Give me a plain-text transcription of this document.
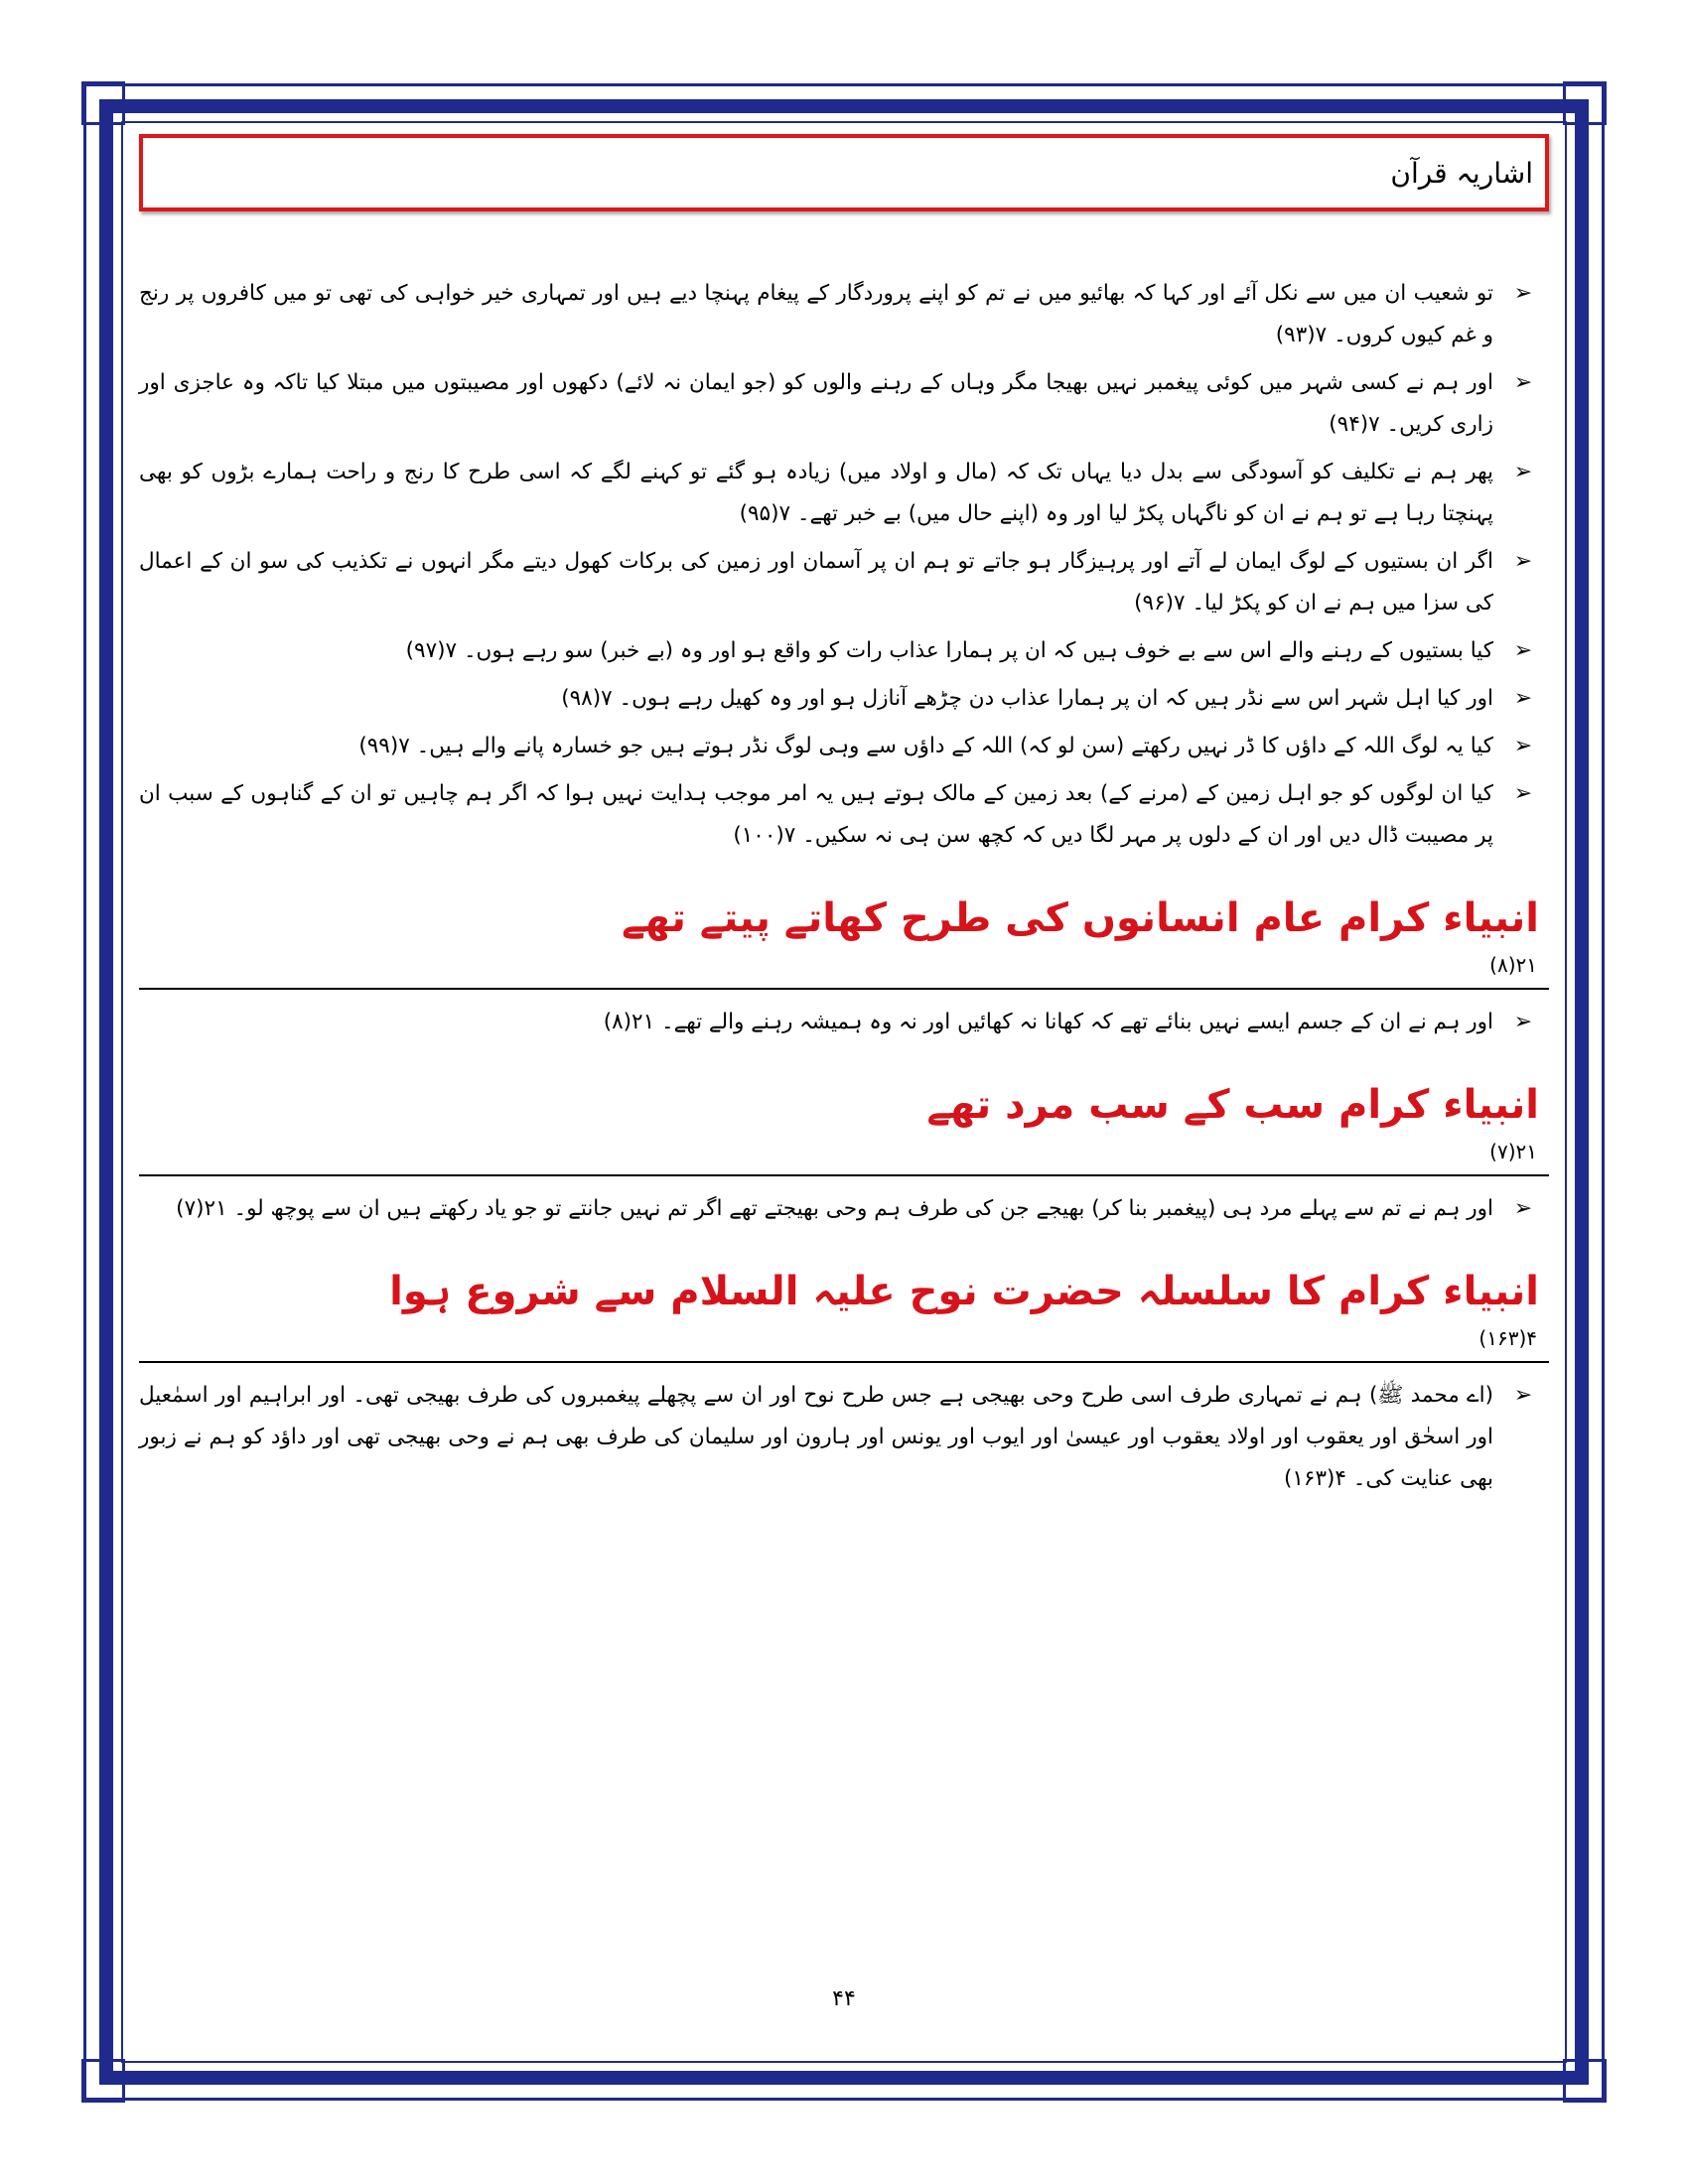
اشاریہ قرآن
➢
تو شعیب ان میں سے نکل آئے اور کہا کہ بھائیو میں نے تم کو اپنے پروردگار کے پیغام پہنچا دیے ہیں اور تمہاری خیر خواہی کی تھی تو میں کافروں پر رنج و غم کیوں کروں۔ ۷(۹۳)
➢
اور ہم نے کسی شہر میں کوئی پیغمبر نہیں بھیجا مگر وہاں کے رہنے والوں کو (جو ایمان نہ لائے) دکھوں اور مصیبتوں میں مبتلا کیا تاکہ وہ عاجزی اور زاری کریں۔ ۷(۹۴)
➢
پھر ہم نے تکلیف کو آسودگی سے بدل دیا یہاں تک کہ (مال و اولاد میں) زیادہ ہو گئے تو کہنے لگے کہ اسی طرح کا رنج و راحت ہمارے بڑوں کو بھی پہنچتا رہا ہے تو ہم نے ان کو ناگہاں پکڑ لیا اور وہ (اپنے حال میں) بے خبر تھے۔ ۷(۹۵)
➢
اگر ان بستیوں کے لوگ ایمان لے آتے اور پرہیزگار ہو جاتے تو ہم ان پر آسمان اور زمین کی برکات کھول دیتے مگر انہوں نے تکذیب کی سو ان کے اعمال کی سزا میں ہم نے ان کو پکڑ لیا۔ ۷(۹۶)
➢
کیا بستیوں کے رہنے والے اس سے بے خوف ہیں کہ ان پر ہمارا عذاب رات کو واقع ہو اور وہ (بے خبر) سو رہے ہوں۔ ۷(۹۷)
➢
اور کیا اہل شہر اس سے نڈر ہیں کہ ان پر ہمارا عذاب دن چڑھے آنازل ہو اور وہ کھیل رہے ہوں۔ ۷(۹۸)
➢
کیا یہ لوگ اللہ کے داؤں کا ڈر نہیں رکھتے (سن لو کہ) اللہ کے داؤں سے وہی لوگ نڈر ہوتے ہیں جو خسارہ پانے والے ہیں۔ ۷(۹۹)
➢
کیا ان لوگوں کو جو اہل زمین کے (مرنے کے) بعد زمین کے مالک ہوتے ہیں یہ امر موجب ہدایت نہیں ہوا کہ اگر ہم چاہیں تو ان کے گناہوں کے سبب ان پر مصیبت ڈال دیں اور ان کے دلوں پر مہر لگا دیں کہ کچھ سن ہی نہ سکیں۔ ۷(۱۰۰)
انبیاء کرام عام انسانوں کی طرح کھاتے پیتے تھے
۲۱(۸)
➢
اور ہم نے ان کے جسم ایسے نہیں بنائے تھے کہ کھانا نہ کھائیں اور نہ وہ ہمیشہ رہنے والے تھے۔ ۲۱(۸)
انبیاء کرام سب کے سب مرد تھے
۲۱(۷)
➢
اور ہم نے تم سے پہلے مرد ہی (پیغمبر بنا کر) بھیجے جن کی طرف ہم وحی بھیجتے تھے اگر تم نہیں جانتے تو جو یاد رکھتے ہیں ان سے پوچھ لو۔ ۲۱(۷)
انبیاء کرام کا سلسلہ حضرت نوح علیہ السلام سے شروع ہوا
۴(۱۶۳)
➢
(اے محمد ﷺ) ہم نے تمہاری طرف اسی طرح وحی بھیجی ہے جس طرح نوح اور ان سے پچھلے پیغمبروں کی طرف بھیجی تھی۔ اور ابراہیم اور اسمٰعیل اور اسحٰق اور یعقوب اور اولاد یعقوب اور عیسیٰ اور ایوب اور یونس اور ہارون اور سلیمان کی طرف بھی ہم نے وحی بھیجی تھی اور داؤد کو ہم نے زبور بھی عنایت کی۔ ۴(۱۶۳)
۴۴
